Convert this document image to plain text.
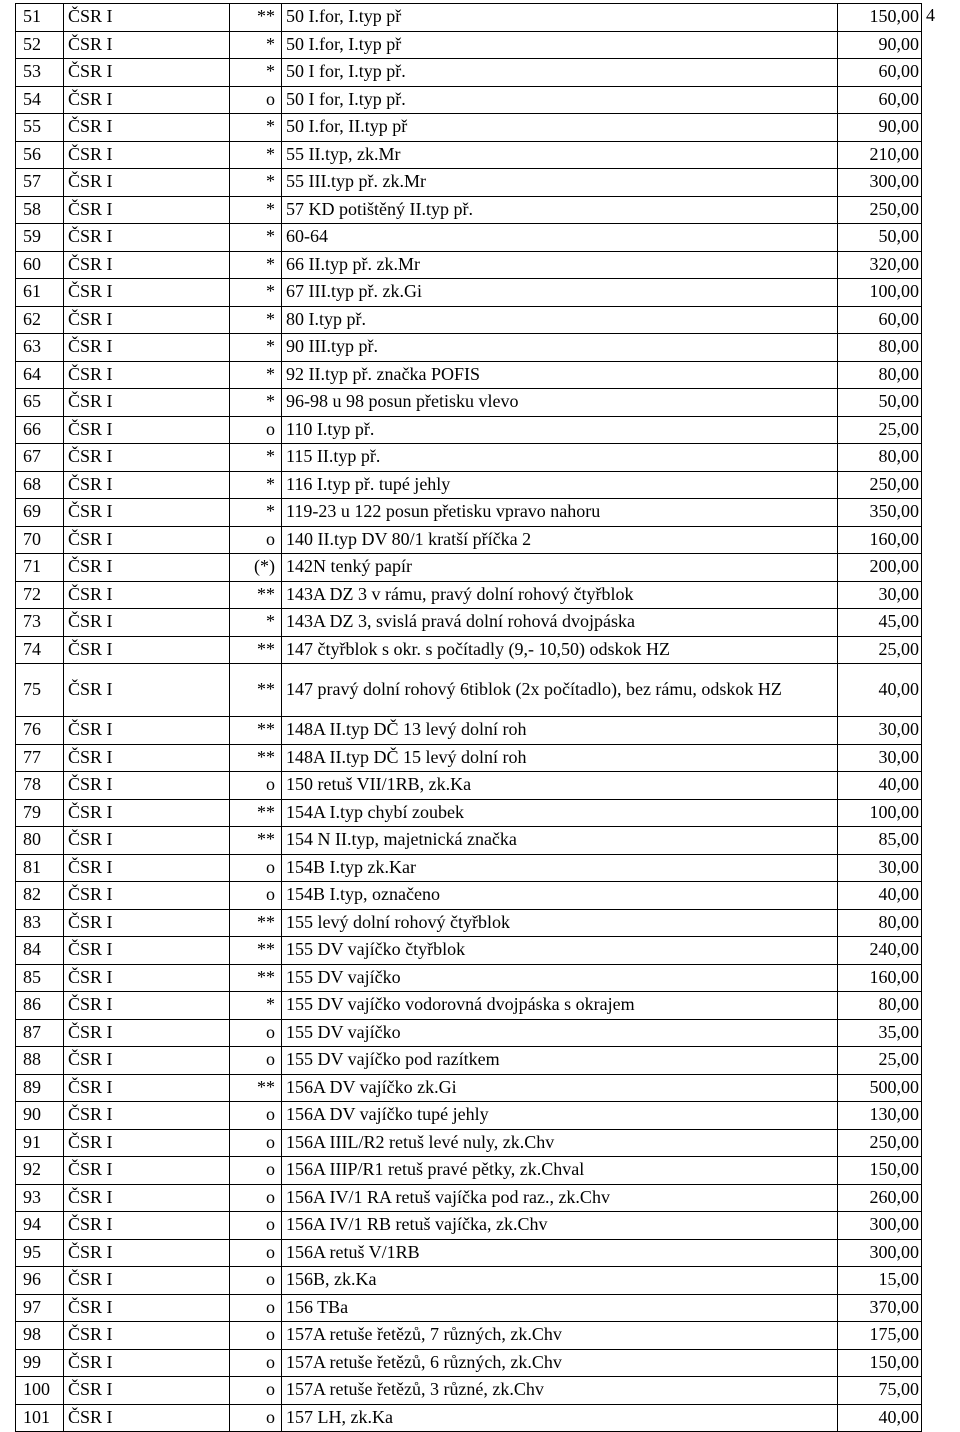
51	ČSR I	**	50 I.for, I.typ př	150,00
52	ČSR I	*	50 I.for, I.typ př	90,00
53	ČSR I	*	50 I for, I.typ př.	60,00
54	ČSR I	o	50 I for, I.typ př.	60,00
55	ČSR I	*	50 I.for, II.typ př	90,00
56	ČSR I	*	55 II.typ, zk.Mr	210,00
57	ČSR I	*	55 III.typ př. zk.Mr	300,00
58	ČSR I	*	57 KD potištěný II.typ př.	250,00
59	ČSR I	*	60-64	50,00
60	ČSR I	*	66 II.typ př. zk.Mr	320,00
61	ČSR I	*	67 III.typ př. zk.Gi	100,00
62	ČSR I	*	80 I.typ př.	60,00
63	ČSR I	*	90 III.typ př.	80,00
64	ČSR I	*	92 II.typ př. značka POFIS	80,00
65	ČSR I	*	96-98 u 98 posun přetisku vlevo	50,00
66	ČSR I	o	110 I.typ př.	25,00
67	ČSR I	*	115 II.typ př.	80,00
68	ČSR I	*	116 I.typ př. tupé jehly	250,00
69	ČSR I	*	119-23 u 122 posun přetisku vpravo nahoru	350,00
70	ČSR I	o	140 II.typ DV 80/1 kratší příčka 2	160,00
71	ČSR I	(*)	142N tenký papír	200,00
72	ČSR I	**	143A DZ 3 v rámu, pravý dolní rohový čtyřblok	30,00
73	ČSR I	*	143A DZ 3, svislá pravá dolní rohová dvojpáska	45,00
74	ČSR I	**	147 čtyřblok s okr. s počítadly (9,- 10,50) odskok HZ	25,00
75	ČSR I	**	147 pravý dolní rohový 6tiblok (2x počítadlo), bez rámu, odskok HZ	40,00
76	ČSR I	**	148A II.typ DČ 13 levý dolní roh	30,00
77	ČSR I	**	148A II.typ DČ 15 levý dolní roh	30,00
78	ČSR I	o	150 retuš VII/1RB, zk.Ka	40,00
79	ČSR I	**	154A I.typ chybí zoubek	100,00
80	ČSR I	**	154 N II.typ, majetnická značka	85,00
81	ČSR I	o	154B I.typ zk.Kar	30,00
82	ČSR I	o	154B I.typ, označeno	40,00
83	ČSR I	**	155 levý dolní rohový čtyřblok	80,00
84	ČSR I	**	155 DV vajíčko čtyřblok	240,00
85	ČSR I	**	155 DV vajíčko	160,00
86	ČSR I	*	155 DV vajíčko vodorovná dvojpáska s okrajem	80,00
87	ČSR I	o	155 DV vajíčko	35,00
88	ČSR I	o	155 DV vajíčko pod razítkem	25,00
89	ČSR I	**	156A DV vajíčko zk.Gi	500,00
90	ČSR I	o	156A DV vajíčko tupé jehly	130,00
91	ČSR I	o	156A IIIL/R2 retuš levé nuly, zk.Chv	250,00
92	ČSR I	o	156A IIIP/R1 retuš pravé pětky, zk.Chval	150,00
93	ČSR I	o	156A IV/1 RA retuš vajíčka pod raz., zk.Chv	260,00
94	ČSR I	o	156A IV/1 RB retuš vajíčka, zk.Chv	300,00
95	ČSR I	o	156A retuš V/1RB	300,00
96	ČSR I	o	156B, zk.Ka	15,00
97	ČSR I	o	156 TBa	370,00
98	ČSR I	o	157A retuše řetězů, 7 různých, zk.Chv	175,00
99	ČSR I	o	157A retuše řetězů, 6 různých, zk.Chv	150,00
100	ČSR I	o	157A retuše řetězů, 3 různé, zk.Chv	75,00
101	ČSR I	o	157 LH, zk.Ka	40,00
4
